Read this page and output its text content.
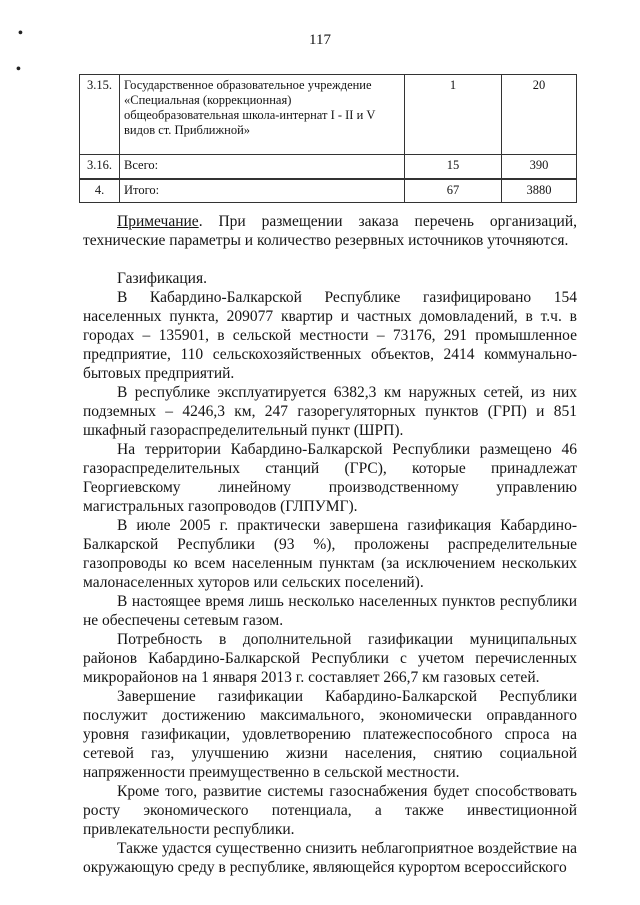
•
•
117
3.15.	Государственное образовательное учреждение «Специальная (коррекционная) общеобразовательная школа-интернат I - II и V видов ст. Приближной»	1	20
3.16.	Всего:	15	390
4.	Итого:	67	3880

Примечание. При размещении заказа перечень организаций, технические параметры и количество резервных источников уточняются.

Газификация.

В Кабардино-Балкарской Республике газифицировано 154 населенных пункта, 209077 квартир и частных домовладений, в т.ч. в городах – 135901, в сельской местности – 73176, 291 промышленное предприятие, 110 сельскохозяйственных объектов, 2414 коммунально-бытовых предприятий.

В республике эксплуатируется 6382,3 км наружных сетей, из них подземных – 4246,3 км, 247 газорегуляторных пунктов (ГРП) и 851 шкафный газораспределительный пункт (ШРП).

На территории Кабардино-Балкарской Республики размещено 46 газораспределительных станций (ГРС), которые принадлежат Георгиевскому линейному производственному управлению магистральных газопроводов (ГЛПУМГ).

В июле 2005 г. практически завершена газификация Кабардино-Балкарской Республики (93 %), проложены распределительные газопроводы ко всем населенным пунктам (за исключением нескольких малонаселенных хуторов или сельских поселений).

В настоящее время лишь несколько населенных пунктов республики не обеспечены сетевым газом.

Потребность в дополнительной газификации муниципальных районов Кабардино-Балкарской Республики с учетом перечисленных микрорайонов на 1 января 2013 г. составляет 266,7 км газовых сетей.

Завершение газификации Кабардино-Балкарской Республики послужит достижению максимального, экономически оправданного уровня газификации, удовлетворению платежеспособного спроса на сетевой газ, улучшению жизни населения, снятию социальной напряженности преимущественно в сельской местности.

Кроме того, развитие системы газоснабжения будет способствовать росту экономического потенциала, а также инвестиционной привлекательности республики.

Также удастся существенно снизить неблагоприятное воздействие на окружающую среду в республике, являющейся курортом всероссийского
